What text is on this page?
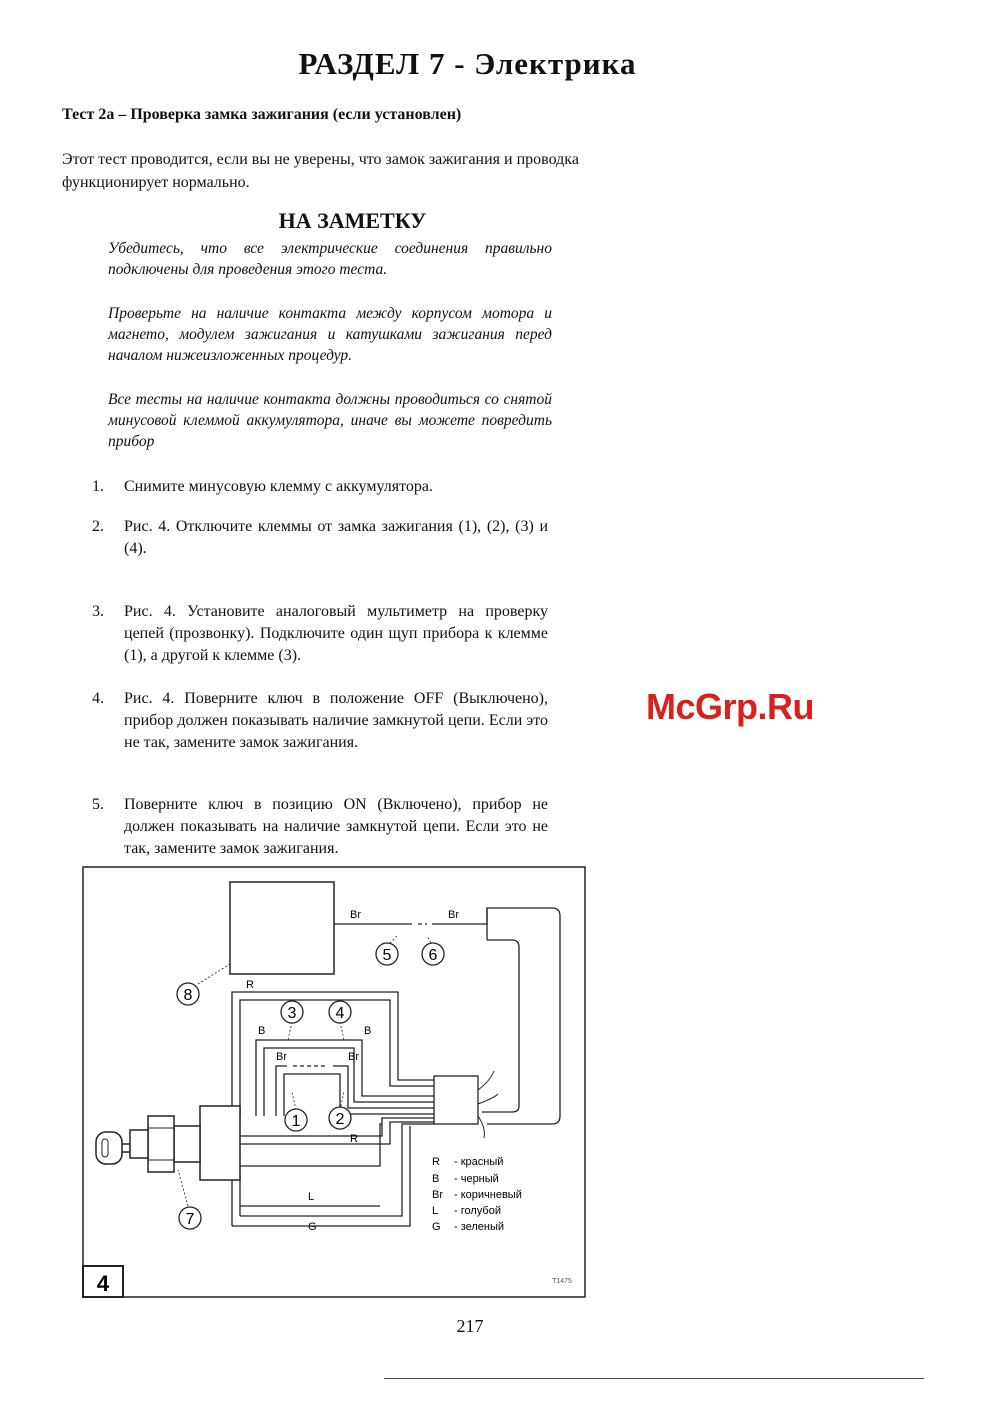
РАЗДЕЛ 7 - Электрика
Тест 2а – Проверка замка зажигания (если установлен)
Этот тест проводится, если вы не уверены, что замок зажигания и проводка функционирует нормально.
НА ЗАМЕТКУ
Убедитесь, что все электрические соединения правильно подключены для проведения этого теста.
Проверьте на наличие контакта между корпусом мотора и магнето, модулем зажигания и катушками зажигания перед началом нижеизложенных процедур.
Все тесты на наличие контакта должны проводиться со снятой минусовой клеммой аккумулятора, иначе вы можете повредить прибор
1.	Снимите минусовую клемму с аккумулятора.
2.	Рис. 4. Отключите клеммы от замка зажигания (1), (2), (3) и (4).
3.	Рис. 4. Установите аналоговый мультиметр на проверку цепей (прозвонку). Подключите один щуп прибора к клемме (1), а другой к клемме (3).
4.	Рис. 4. Поверните ключ в положение OFF (Выключено), прибор должен показывать наличие замкнутой цепи. Если это не так, замените замок зажигания.
5.	Поверните ключ в позицию ON (Включено), прибор не должен показывать на наличие замкнутой цепи. Если это не так, замените замок зажигания.
McGrp.Ru
4	T1475
Br	Br
R
B	B
Br	Br
R
L
G
1 2
3 4
5 6
7
8
R - красный
B - черный
Br - коричневый
L - голубой
G - зеленый
217
